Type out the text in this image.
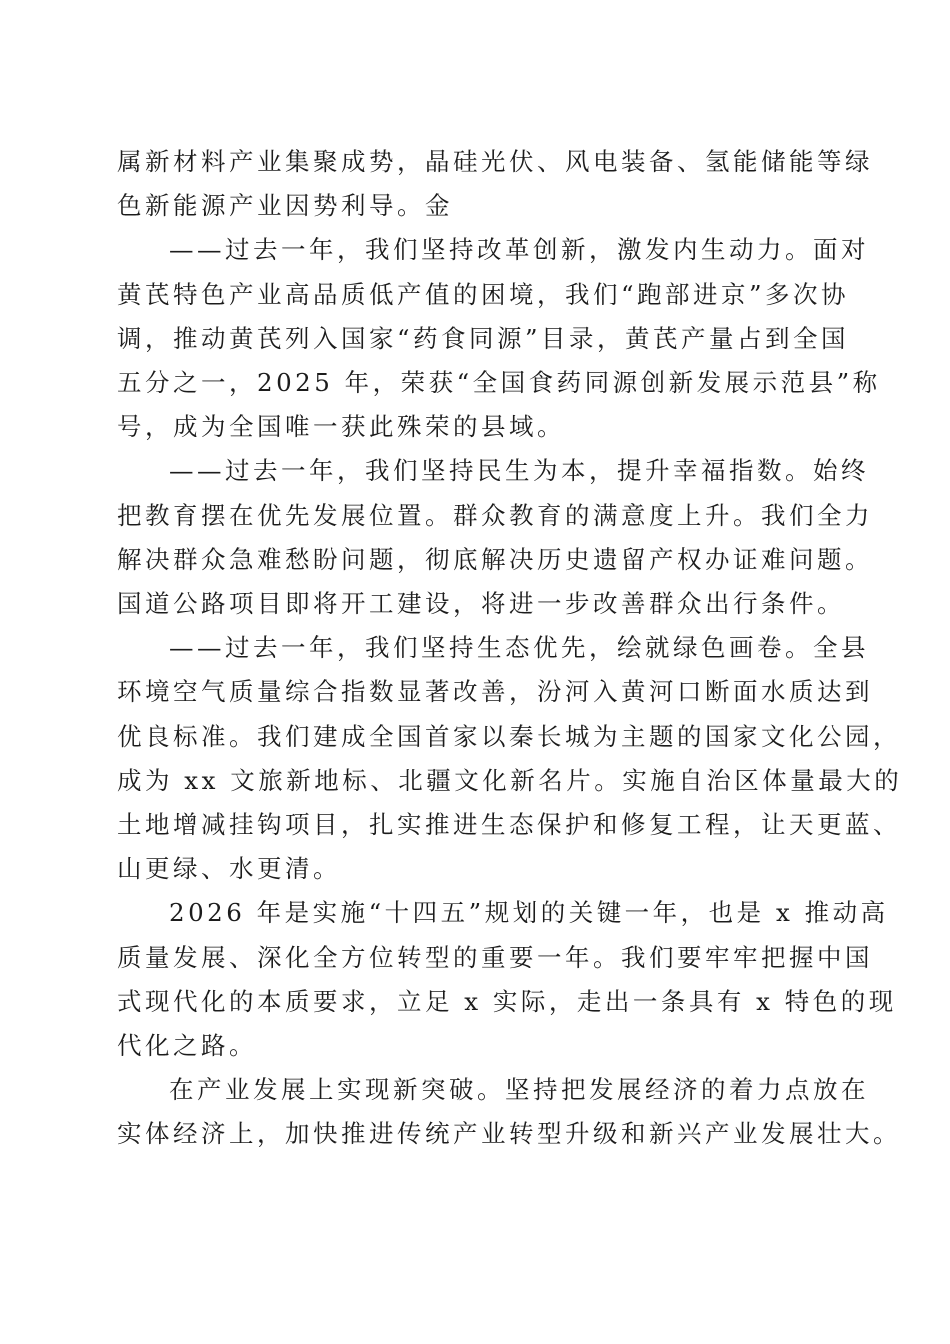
属新材料产业集聚成势，晶硅光伏、风电装备、氢能储能等绿
色新能源产业因势利导。金
——过去一年，我们坚持改革创新，激发内生动力。面对
黄芪特色产业高品质低产值的困境，我们“跑部进京”多次协
调，推动黄芪列入国家“药食同源”目录，黄芪产量占到全国
五分之一，2025 年，荣获“全国食药同源创新发展示范县”称
号，成为全国唯一获此殊荣的县域。
——过去一年，我们坚持民生为本，提升幸福指数。始终
把教育摆在优先发展位置。群众教育的满意度上升。我们全力
解决群众急难愁盼问题，彻底解决历史遗留产权办证难问题。
国道公路项目即将开工建设，将进一步改善群众出行条件。
——过去一年，我们坚持生态优先，绘就绿色画卷。全县
环境空气质量综合指数显著改善，汾河入黄河口断面水质达到
优良标准。我们建成全国首家以秦长城为主题的国家文化公园，
成为 xx 文旅新地标、北疆文化新名片。实施自治区体量最大的
土地增减挂钩项目，扎实推进生态保护和修复工程，让天更蓝、
山更绿、水更清。
2026 年是实施“十四五”规划的关键一年，也是 x 推动高
质量发展、深化全方位转型的重要一年。我们要牢牢把握中国
式现代化的本质要求，立足 x 实际，走出一条具有 x 特色的现
代化之路。
在产业发展上实现新突破。坚持把发展经济的着力点放在
实体经济上，加快推进传统产业转型升级和新兴产业发展壮大。
